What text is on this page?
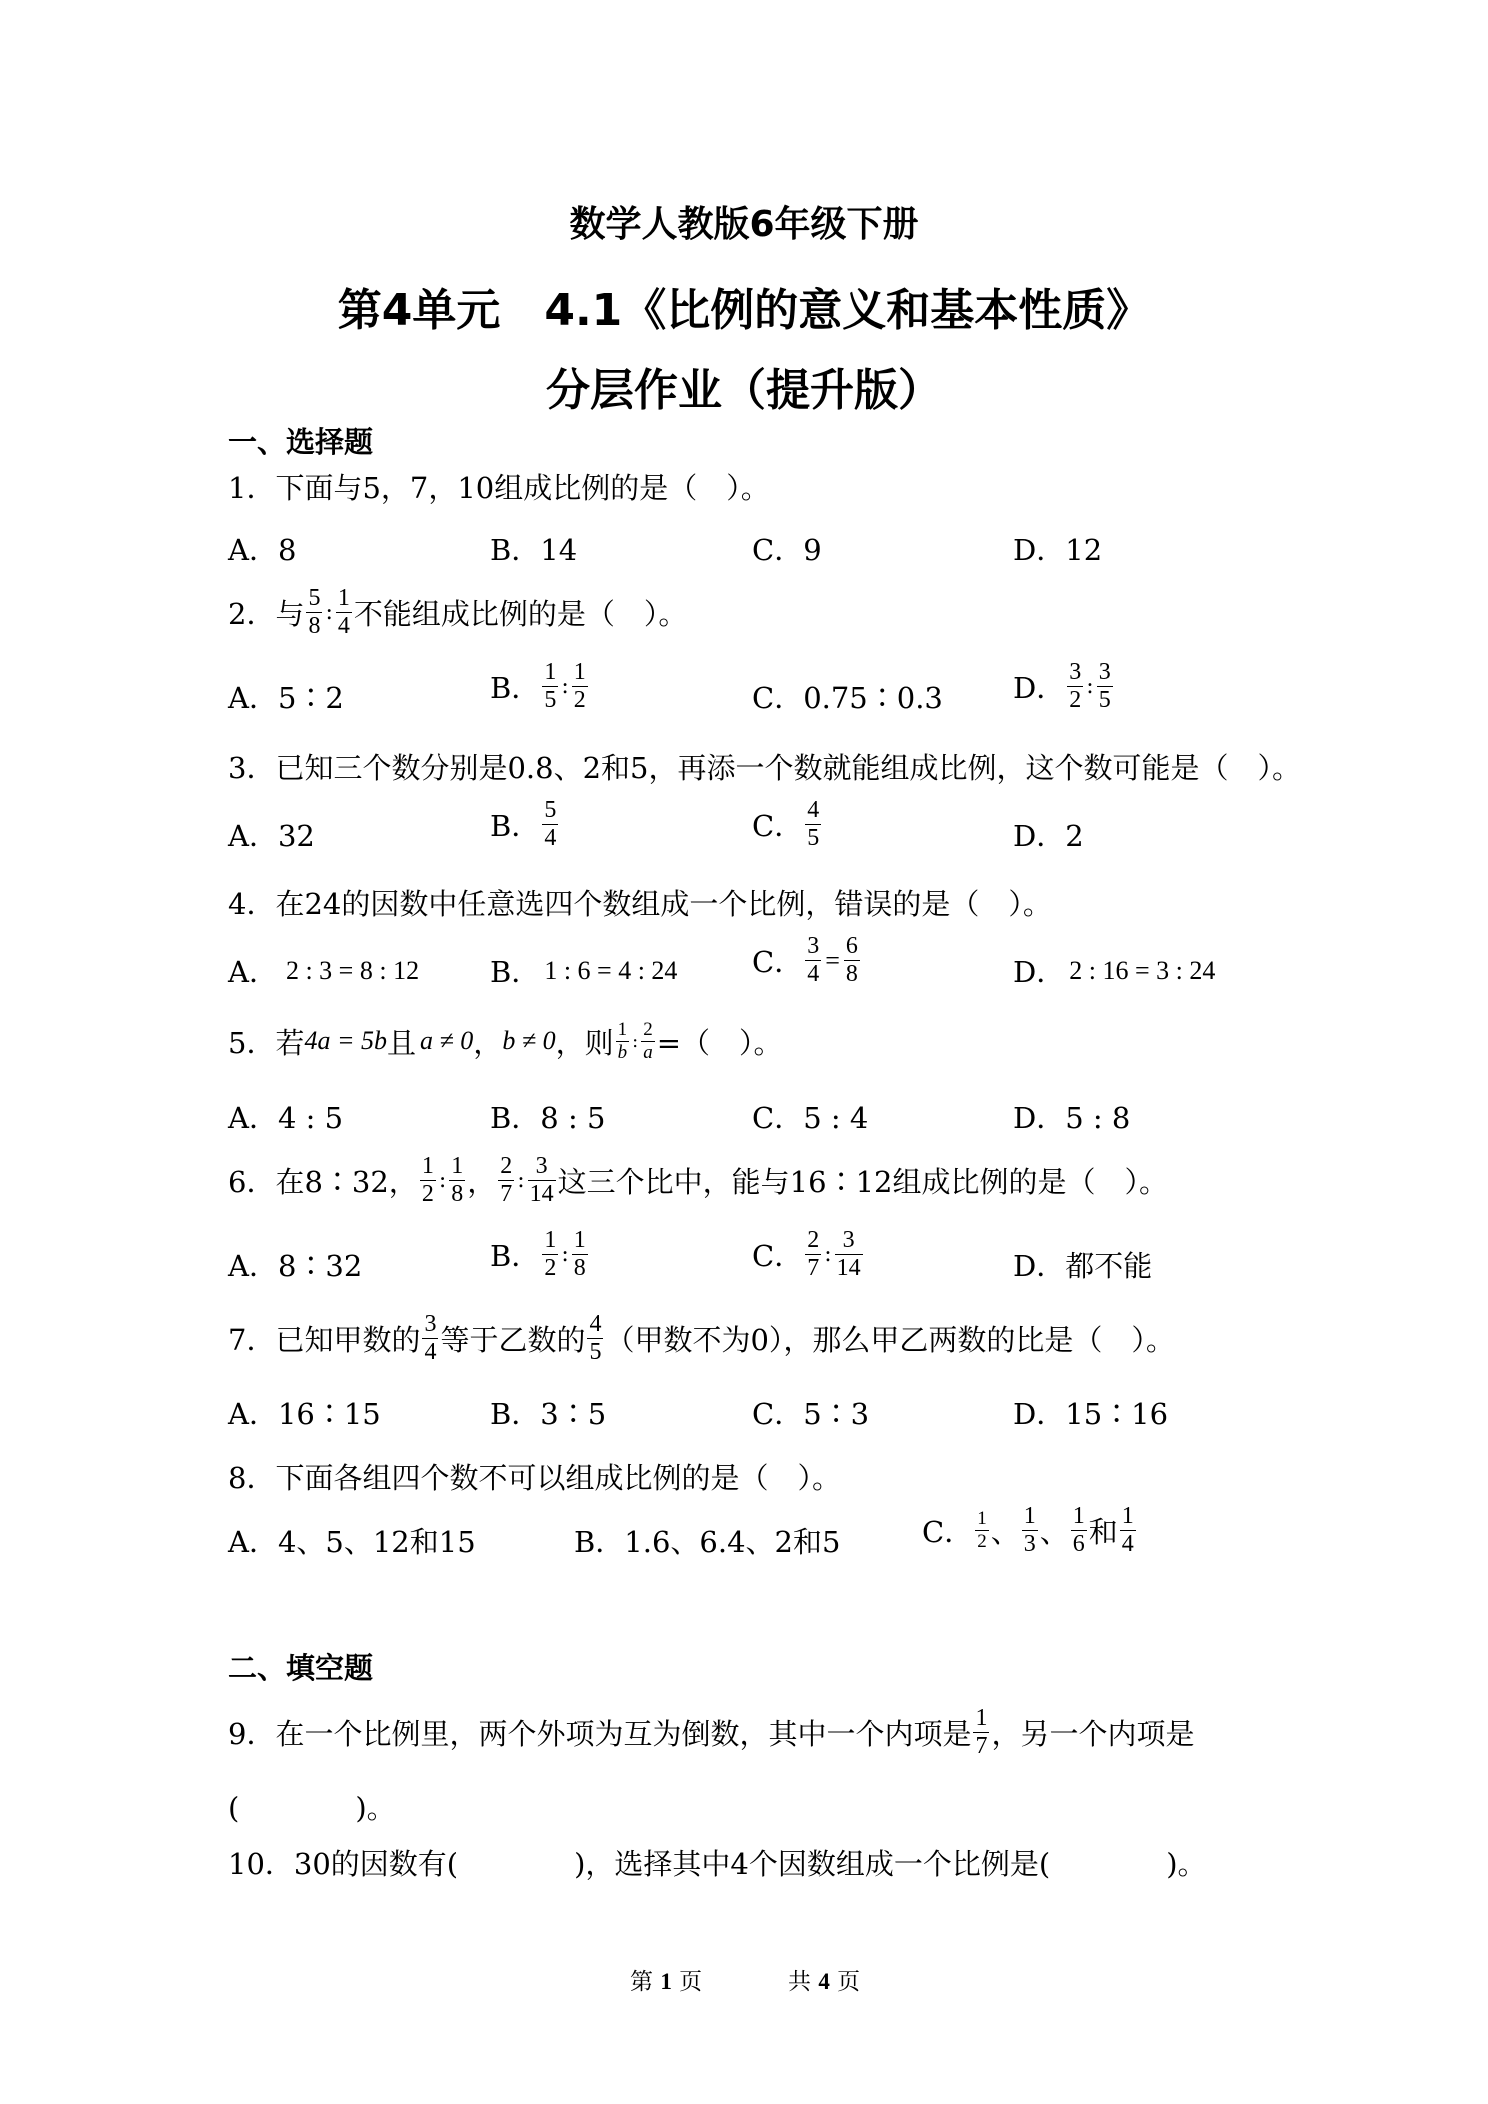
数学人教版6年级下册
第4单元　4.1《比例的意义和基本性质》
分层作业（提升版）
一、选择题
1．下面与5，7，10组成比例的是（　）。
A．8	B．14	C．9	D．12
2．与 $\frac{5}{8}$ : $\frac{1}{4}$ 不能组成比例的是（　）。
A．5∶2	B． $\frac{1}{5}$ : $\frac{1}{2}$	C．0.75∶0.3 D． $\frac{3}{2}$ : $\frac{3}{5}$
3．已知三个数分别是0.8、2和5，再添一个数就能组成比例，这个数可能是（　）。
A．32	B． $\frac{5}{4}$	C． $\frac{4}{5}$	D．2
4．在24的因数中任意选四个数组成一个比例，错误的是（　）。
A． 2 : 3 = 8 : 12 B． 1 : 6 = 4 : 24	C． $\frac{3}{4} = \frac{6}{8}$	D． 2 : 16 = 3 : 24
5．若 4a = 5b 且 a ≠ 0 ， b ≠ 0 ，则 $\frac{1}{b}$ : $\frac{2}{a}$ =（　）。
A．4 : 5	B．8 : 5	C．5 : 4	D．5 : 8
6．在8∶32， $\frac{1}{2}$ : $\frac{1}{8}$ ， $\frac{2}{7}$ : $\frac{3}{14}$ 这三个比中，能与16∶12组成比例的是（　）。
A．8∶32	B． $\frac{1}{2}$ : $\frac{1}{8}$	C． $\frac{2}{7}$ : $\frac{3}{14}$	D．都不能
7．已知甲数的 $\frac{3}{4}$ 等于乙数的 $\frac{4}{5}$ （甲数不为0），那么甲乙两数的比是（　）。
A．16∶15	B．3∶5	C．5∶3	D．15∶16
8．下面各组四个数不可以组成比例的是（　）。
A．4、5、12和15	B．1.6、6.4、2和5	C． $\frac{1}{2}$ 、 $\frac{1}{3}$ 、 $\frac{1}{6}$ 和 $\frac{1}{4}$
二、填空题
9．在一个比例里，两个外项为互为倒数，其中一个内项是 $\frac{1}{7}$ ，另一个内项是
(　　　　)。
10．30的因数有(　　　　)，选择其中4个因数组成一个比例是(　　　　)。
第 1 页	共 4 页
